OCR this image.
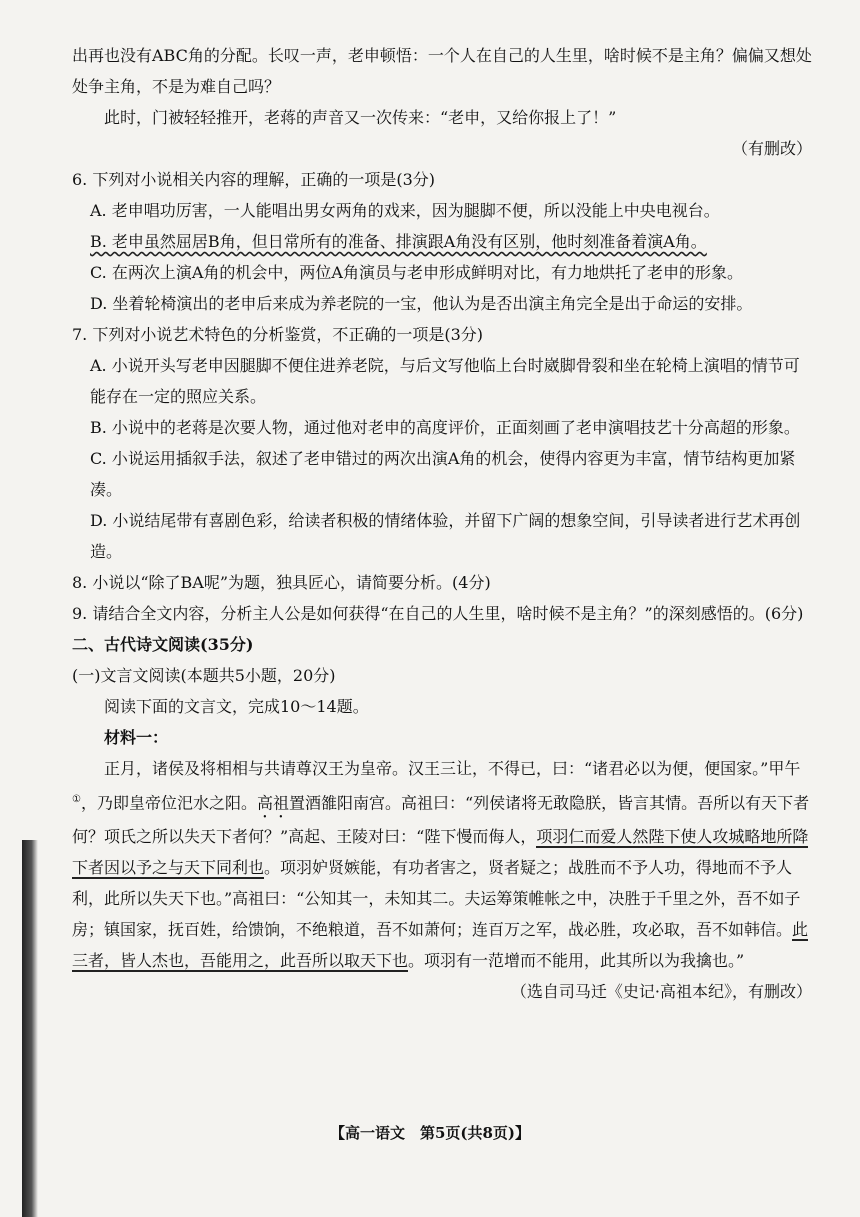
出再也没有ABC角的分配。长叹一声，老申顿悟：一个人在自己的人生里，啥时候不是主角？偏偏又想处处争主角，不是为难自己吗？

此时，门被轻轻推开，老蒋的声音又一次传来：“老申，又给你报上了！”

（有删改）

6. 下列对小说相关内容的理解，正确的一项是(3分)

A. 老申唱功厉害，一人能唱出男女两角的戏来，因为腿脚不便，所以没能上中央电视台。

B. 老申虽然屈居B角，但日常所有的准备、排演跟A角没有区别，他时刻准备着演A角。

C. 在两次上演A角的机会中，两位A角演员与老申形成鲜明对比，有力地烘托了老申的形象。

D. 坐着轮椅演出的老申后来成为养老院的一宝，他认为是否出演主角完全是出于命运的安排。

7. 下列对小说艺术特色的分析鉴赏，不正确的一项是(3分)

A. 小说开头写老申因腿脚不便住进养老院，与后文写他临上台时崴脚骨裂和坐在轮椅上演唱的情节可能存在一定的照应关系。

B. 小说中的老蒋是次要人物，通过他对老申的高度评价，正面刻画了老申演唱技艺十分高超的形象。

C. 小说运用插叙手法，叙述了老申错过的两次出演A角的机会，使得内容更为丰富，情节结构更加紧凑。

D. 小说结尾带有喜剧色彩，给读者积极的情绪体验，并留下广阔的想象空间，引导读者进行艺术再创造。

8. 小说以“除了BA呢”为题，独具匠心，请简要分析。(4分)

9. 请结合全文内容，分析主人公是如何获得“在自己的人生里，啥时候不是主角？”的深刻感悟的。(6分)

二、古代诗文阅读(35分)

(一)文言文阅读(本题共5小题，20分)

阅读下面的文言文，完成10～14题。

材料一：

正月，诸侯及将相相与共请尊汉王为皇帝。汉王三让，不得已，曰：“诸君必以为便，便国家。”甲午①，乃即皇帝位汜水之阳。高祖置酒雒阳南宫。高祖曰：“列侯诸将无敢隐朕，皆言其情。吾所以有天下者何？项氏之所以失天下者何？”高起、王陵对曰：“陛下慢而侮人，项羽仁而爱人然陛下使人攻城略地所降下者因以予之与天下同利也。项羽妒贤嫉能，有功者害之，贤者疑之；战胜而不予人功，得地而不予人利，此所以失天下也。”高祖曰：“公知其一，未知其二。夫运筹策帷帐之中，决胜于千里之外，吾不如子房；镇国家，抚百姓，给馈饷，不绝粮道，吾不如萧何；连百万之军，战必胜，攻必取，吾不如韩信。此三者，皆人杰也，吾能用之，此吾所以取天下也。项羽有一范增而不能用，此其所以为我擒也。”

（选自司马迁《史记·高祖本纪》，有删改）

【高一语文　第5页(共8页)】
